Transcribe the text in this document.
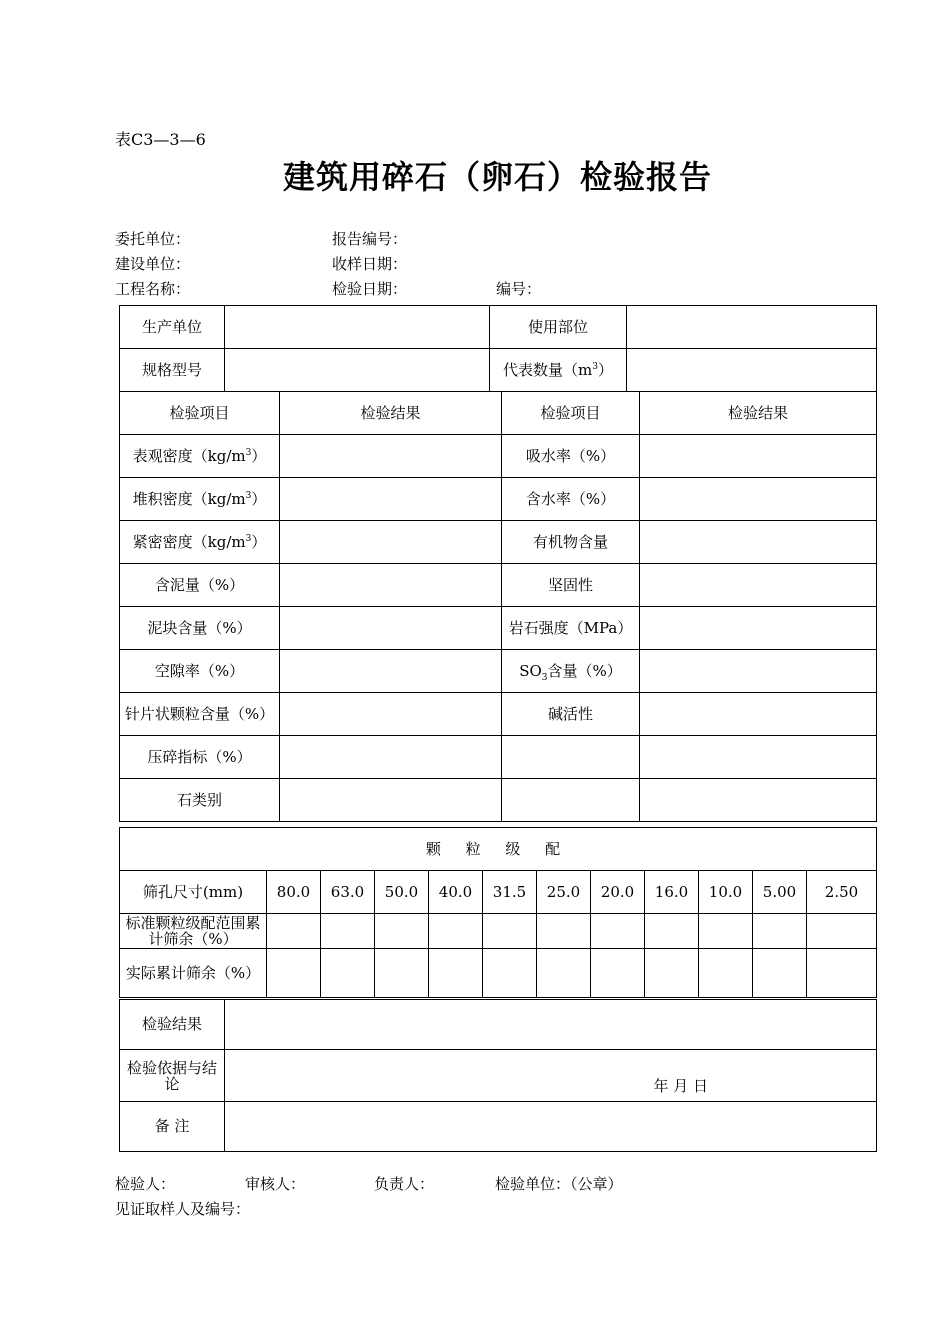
表C3—3—6
建筑用碎石（卵石）检验报告
委托单位：	报告编号：
建设单位：	收样日期：
工程名称：	检验日期：	编号：
生产单位		使用部位	
规格型号		代表数量$(m^3)$	
检验项目	检验结果	检验项目	检验结果
表观密度$(kg/m^3)$		吸水率（%）	
堆积密度$(kg/m^3)$		含水率（%）	
紧密密度$(kg/m^3)$		有机物含量	
含泥量（%）		坚固性	
泥块含量（%）		岩石强度（MPa）	
空隙率（%）		$SO_3$含量（%）	
针片状颗粒含量（%）		碱活性	
压碎指标（%）			
石类别			
颗 粒 级 配											
筛孔尺寸(mm)	80.0	63.0	50.0	40.0	31.5	25.0	20.0	16.0	10.0	5.00	2.50
标准颗粒级配范围累计筛余（%）											
实际累计筛余（%）											
检验结果	
检验依据与结论	年 月 日

备 注	
检验人：	审核人：	负责人：	检验单位：（公章）
见证取样人及编号：
